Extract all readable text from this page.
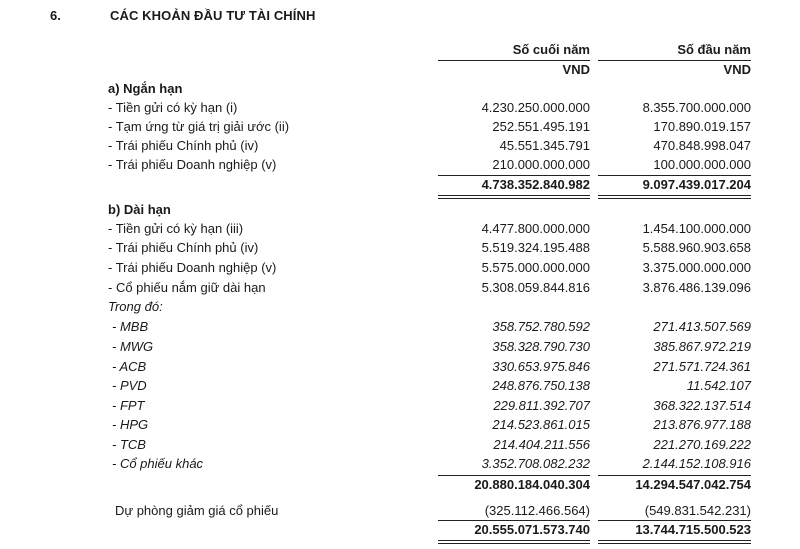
6.	CÁC KHOẢN ĐẦU TƯ TÀI CHÍNH
Số cuối năm	Số đầu năm
VND	VND
a) Ngắn hạn
- Tiền gửi có kỳ hạn (i)	4.230.250.000.000	8.355.700.000.000
- Tạm ứng từ giá trị giải ước (ii)	252.551.495.191	170.890.019.157
- Trái phiếu Chính phủ (iv)	45.551.345.791	470.848.998.047
- Trái phiếu Doanh nghiệp (v)	210.000.000.000	100.000.000.000
4.738.352.840.982	9.097.439.017.204
b) Dài hạn
- Tiền gửi có kỳ hạn (iii)	4.477.800.000.000	1.454.100.000.000
- Trái phiếu Chính phủ (iv)	5.519.324.195.488	5.588.960.903.658
- Trái phiếu Doanh nghiệp (v)	5.575.000.000.000	3.375.000.000.000
- Cổ phiếu nắm giữ dài hạn	5.308.059.844.816	3.876.486.139.096
Trong đó:
- MBB	358.752.780.592	271.413.507.569
- MWG	358.328.790.730	385.867.972.219
- ACB	330.653.975.846	271.571.724.361
- PVD	248.876.750.138	11.542.107
- FPT	229.811.392.707	368.322.137.514
- HPG	214.523.861.015	213.876.977.188
- TCB	214.404.211.556	221.270.169.222
- Cổ phiếu khác	3.352.708.082.232	2.144.152.108.916
20.880.184.040.304	14.294.547.042.754
Dự phòng giảm giá cổ phiếu	(325.112.466.564)	(549.831.542.231)
20.555.071.573.740	13.744.715.500.523
